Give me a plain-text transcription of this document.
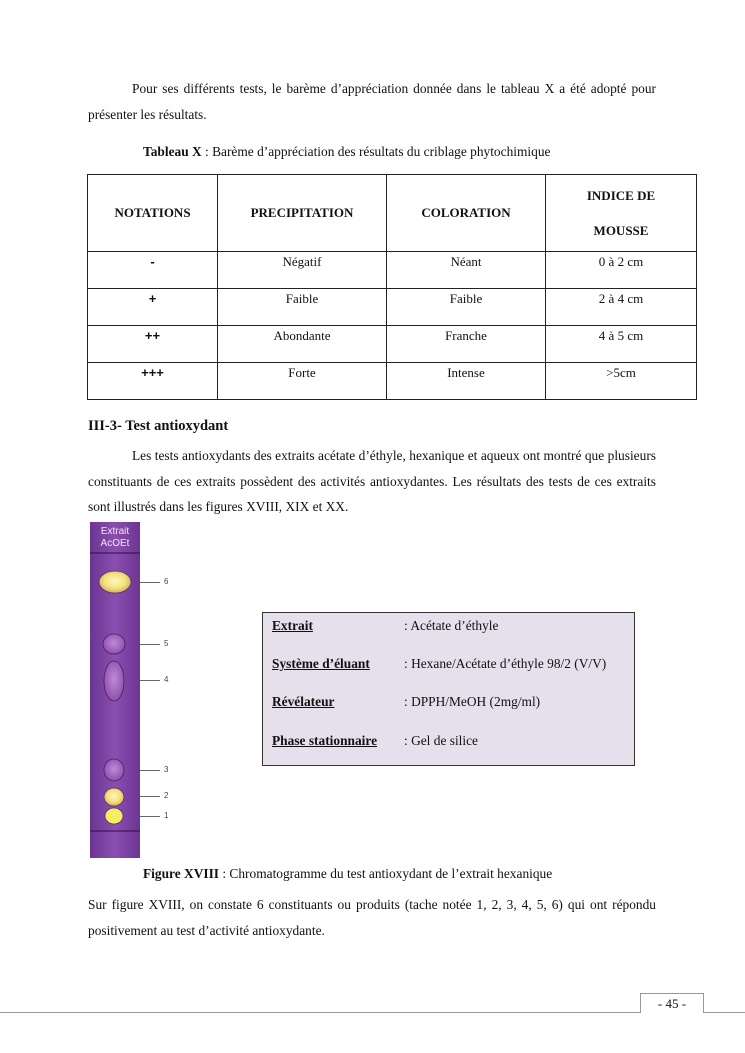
Pour ses différents tests, le barème d’appréciation donnée dans le tableau X a été adopté pour présenter les résultats.

Tableau X : Barème d’appréciation des résultats du criblage phytochimique
NOTATIONS	PRECIPITATION	COLORATION	INDICE DE
MOUSSE

-	Négatif	Néant	0 à 2 cm
+	Faible	Faible	2 à 4 cm
++	Abondante	Franche	4 à 5 cm
+++	Forte	Intense	>5cm
III-3- Test antioxydant

Les tests antioxydants des extraits acétate d’éthyle, hexanique et aqueux ont montré que plusieurs constituants de ces extraits possèdent des activités antioxydantes. Les résultats des tests de ces extraits sont illustrés dans les figures XVIII, XIX et XX.

Extrait
AcOEt
6
5
4
3
2
1
Extrait	: Acétate d’éthyle
Système d’éluant	: Hexane/Acétate d’éthyle 98/2 (V/V)
Révélateur	: DPPH/MeOH (2mg/ml)
Phase stationnaire : Gel de silice
Figure XVIII : Chromatogramme du test antioxydant de l’extrait hexanique

Sur figure XVIII, on constate 6 constituants ou produits (tache notée 1, 2, 3, 4, 5, 6) qui ont répondu positivement au test d’activité antioxydante.

- 45 -
